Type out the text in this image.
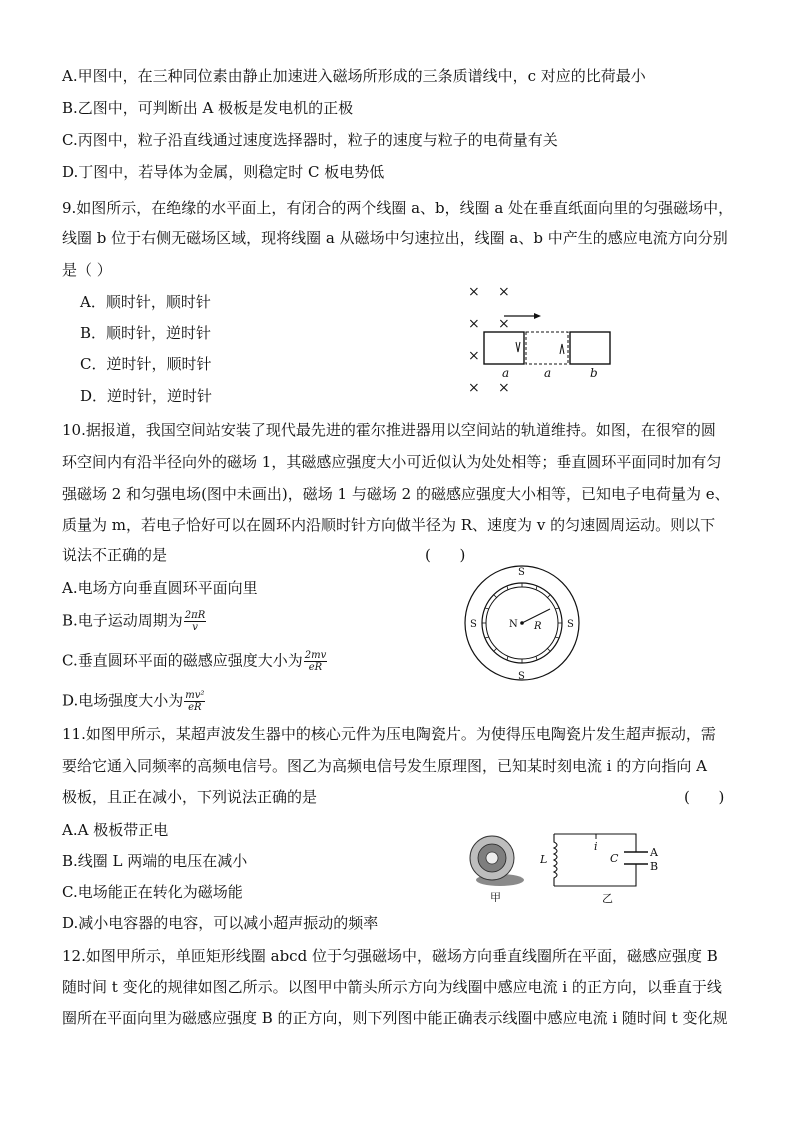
A.甲图中，在三种同位素由静止加速进入磁场所形成的三条质谱线中，c 对应的比荷最小
B.乙图中，可判断出 A 极板是发电机的正极
C.丙图中，粒子沿直线通过速度选择器时，粒子的速度与粒子的电荷量有关
D.丁图中，若导体为金属，则稳定时 C 板电势低
9.如图所示，在绝缘的水平面上，有闭合的两个线圈 a、b，线圈 a 处在垂直纸面向里的匀强磁场中，
线圈 b 位于右侧无磁场区域，现将线圈 a 从磁场中匀速拉出，线圈 a、b 中产生的感应电流方向分别
是（ ）
A．顺时针，顺时针
B．顺时针，逆时针
C．逆时针，顺时针
D．逆时针，逆时针
× ×
× ×
×
× ×
a	a	b
10.据报道，我国空间站安装了现代最先进的霍尔推进器用以空间站的轨道维持。如图，在很窄的圆
环空间内有沿半径向外的磁场 1，其磁感应强度大小可近似认为处处相等；垂直圆环平面同时加有匀
强磁场 2 和匀强电场(图中未画出)，磁场 1 与磁场 2 的磁感应强度大小相等，已知电子电荷量为 e、
质量为 m，若电子恰好可以在圆环内沿顺时针方向做半径为 R、速度为 v 的匀速圆周运动。则以下
说法不正确的是	(      )
A.电场方向垂直圆环平面向里
B.电子运动周期为 $\frac{2\pi R}{v}$
C.垂直圆环平面的磁感应强度大小为 $\frac{2mv}{eR}$
D.电场强度大小为 $\frac{\text{mv²}}{eR}$
S
S
S	S
N R
11.如图甲所示，某超声波发生器中的核心元件为压电陶瓷片。为使得压电陶瓷片发生超声振动，需
要给它通入同频率的高频电信号。图乙为高频电信号发生原理图，已知某时刻电流 i 的方向指向 A
极板，且正在减小，下列说法正确的是	(      )
A.A 极板带正电
B.线圈 L 两端的电压在减小
C.电场能正在转化为磁场能
D.减小电容器的电容，可以减小超声振动的频率
甲
L
i
C	A
B
乙
12.如图甲所示，单匝矩形线圈 abcd 位于匀强磁场中，磁场方向垂直线圈所在平面，磁感应强度 B
随时间 t 变化的规律如图乙所示。以图甲中箭头所示方向为线圈中感应电流 i 的正方向，以垂直于线
圈所在平面向里为磁感应强度 B 的正方向，则下列图中能正确表示线圈中感应电流 i 随时间 t 变化规
